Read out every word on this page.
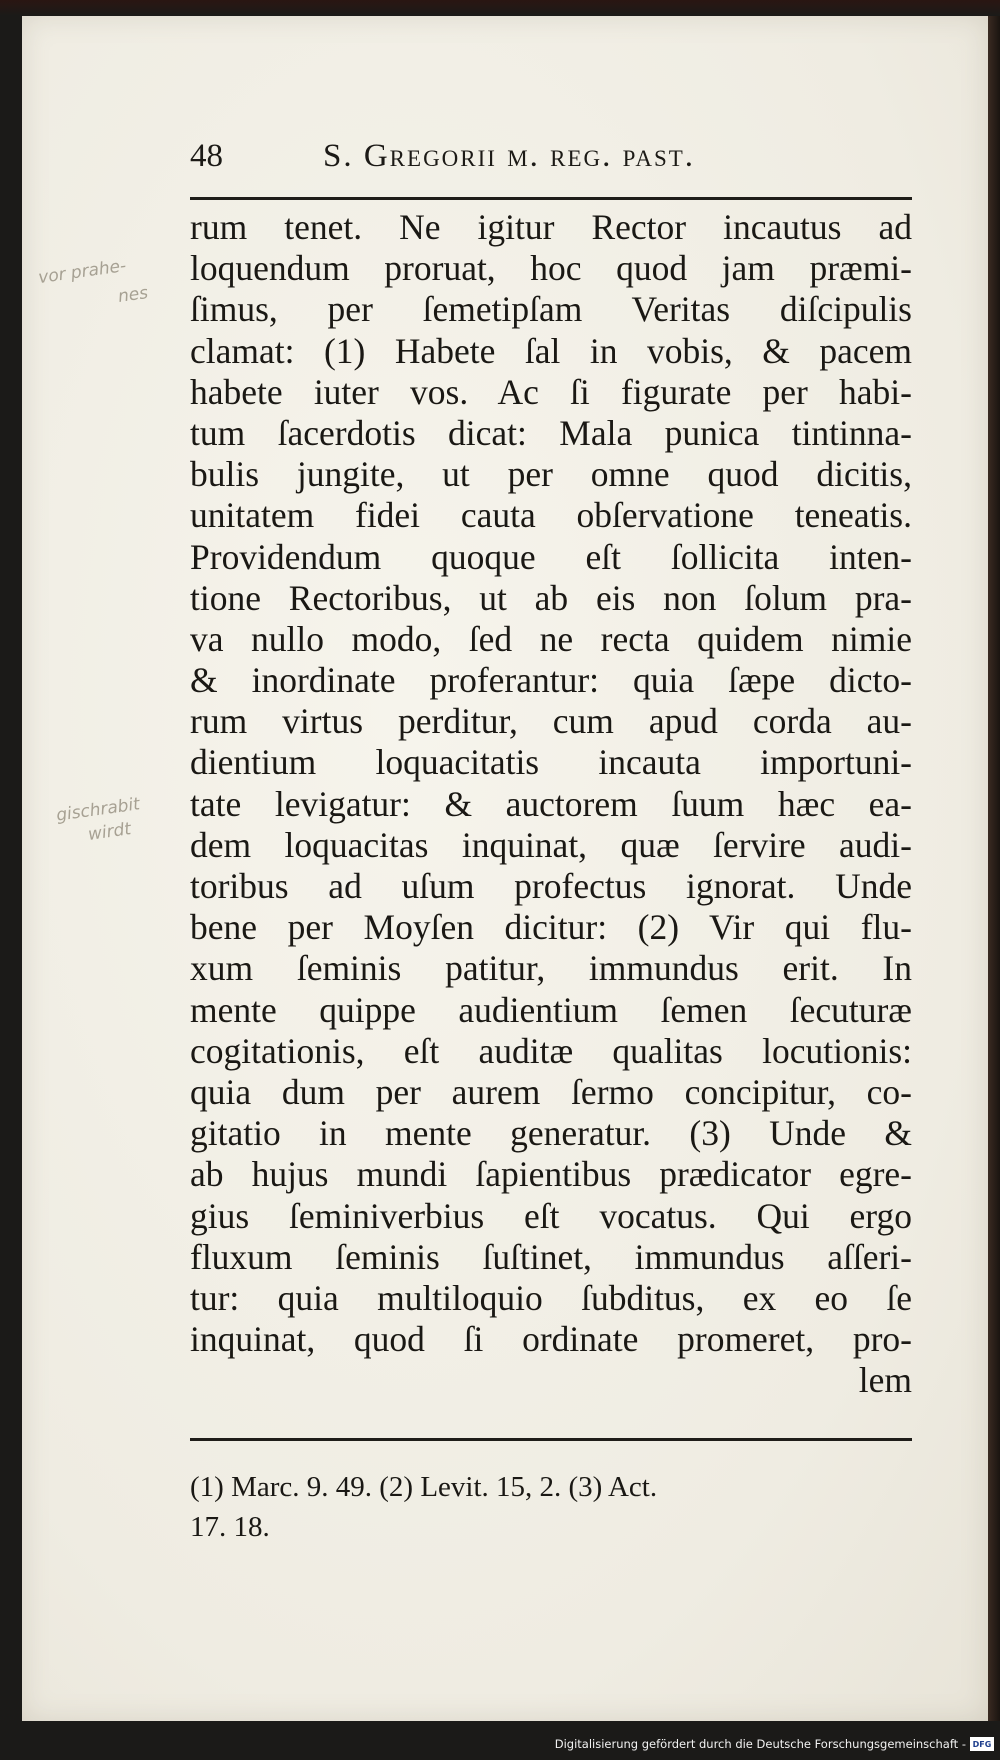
48	S. Gregorii m. reg. past.
vor prahe-
nes
gischrabit
wirdt
rum tenet. Ne igitur Rector incautus ad
loquendum proruat, hoc quod jam præmi-
ſimus, per ſemetipſam Veritas diſcipulis
clamat: (1) Habete ſal in vobis, & pacem
habete iuter vos. Ac ſi figurate per habi-
tum ſacerdotis dicat: Mala punica tintinna-
bulis jungite, ut per omne quod dicitis,
unitatem fidei cauta obſervatione teneatis.
Providendum quoque eſt ſollicita inten-
tione Rectoribus, ut ab eis non ſolum pra-
va nullo modo, ſed ne recta quidem nimie
& inordinate proferantur: quia ſæpe dicto-
rum virtus perditur, cum apud corda au-
dientium loquacitatis incauta importuni-
tate levigatur: & auctorem ſuum hæc ea-
dem loquacitas inquinat, quæ ſervire audi-
toribus ad uſum profectus ignorat. Unde
bene per Moyſen dicitur: (2) Vir qui flu-
xum ſeminis patitur, immundus erit. In
mente quippe audientium ſemen ſecuturæ
cogitationis, eſt auditæ qualitas locutionis:
quia dum per aurem ſermo concipitur, co-
gitatio in mente generatur. (3) Unde &
ab hujus mundi ſapientibus prædicator egre-
gius ſeminiverbius eſt vocatus. Qui ergo
fluxum ſeminis ſuſtinet, immundus aſſeri-
tur: quia multiloquio ſubditus, ex eo ſe
inquinat, quod ſi ordinate promeret, pro-
lem
(1) Marc. 9. 49. (2) Levit. 15, 2. (3) Act.
17. 18.
Digitalisierung gefördert durch die Deutsche Forschungsgemeinschaft - DFG
